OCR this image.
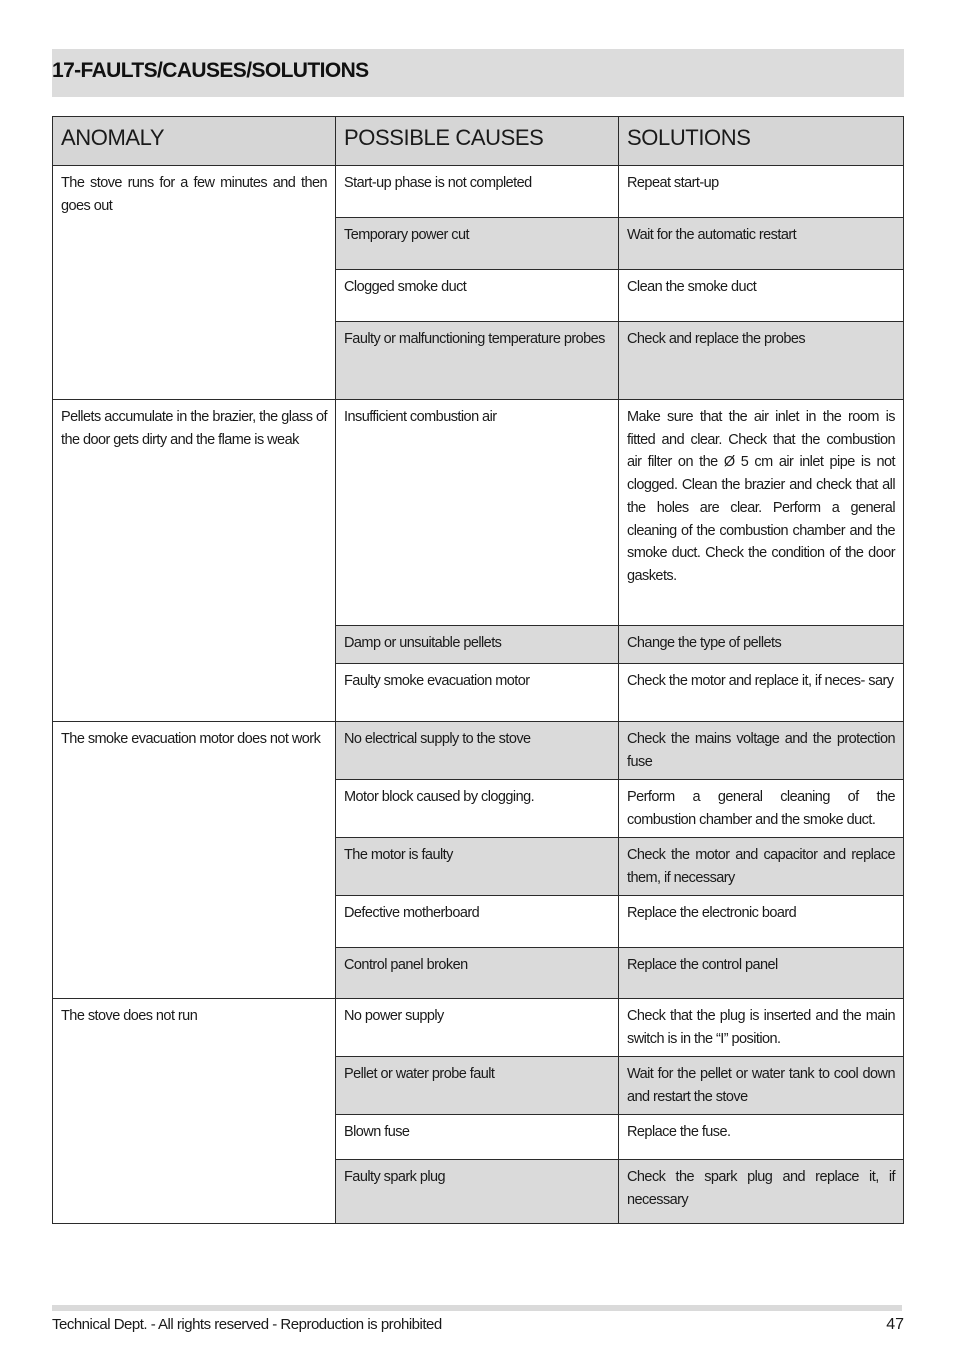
17-FAULTS/CAUSES/SOLUTIONS
ANOMALY	POSSIBLE CAUSES	SOLUTIONS
The stove runs for a few minutes and then goes out	Start-up phase is not completed	Repeat start-up
	Temporary power cut	Wait for the automatic restart
	Clogged smoke duct	Clean the smoke duct
	Faulty or malfunctioning temperature probes	Check and replace the probes
Pellets accumulate in the brazier, the glass of the door gets dirty and the flame is weak	Insufficient combustion air	Make sure that the air inlet in the room is fitted and clear. Check that the combustion air filter on the Ø 5 cm air inlet pipe is not clogged. Clean the brazier and check that all the holes are clear. Perform a general cleaning of the combustion chamber and the smoke duct. Check the condition of the door gaskets.
	Damp or unsuitable pellets	Change the type of pellets
	Faulty smoke evacuation motor	Check the motor and replace it, if neces- sary
The smoke evacuation motor does not work	No electrical supply to the stove	Check the mains voltage and the protection fuse
	Motor block caused by clogging.	Perform a general cleaning of the combustion chamber and the smoke duct.
	The motor is faulty	Check the motor and capacitor and replace them, if necessary
	Defective motherboard	Replace the electronic board
	Control panel broken	Replace the control panel
The stove does not run	No power supply	Check that the plug is inserted and the main switch is in the “I” position.
	Pellet or water probe fault	Wait for the pellet or water tank to cool down and restart the stove
	Blown fuse	Replace the fuse.
	Faulty spark plug	Check the spark plug and replace it, if necessary
Technical Dept. - All rights reserved - Reproduction is prohibited	47
